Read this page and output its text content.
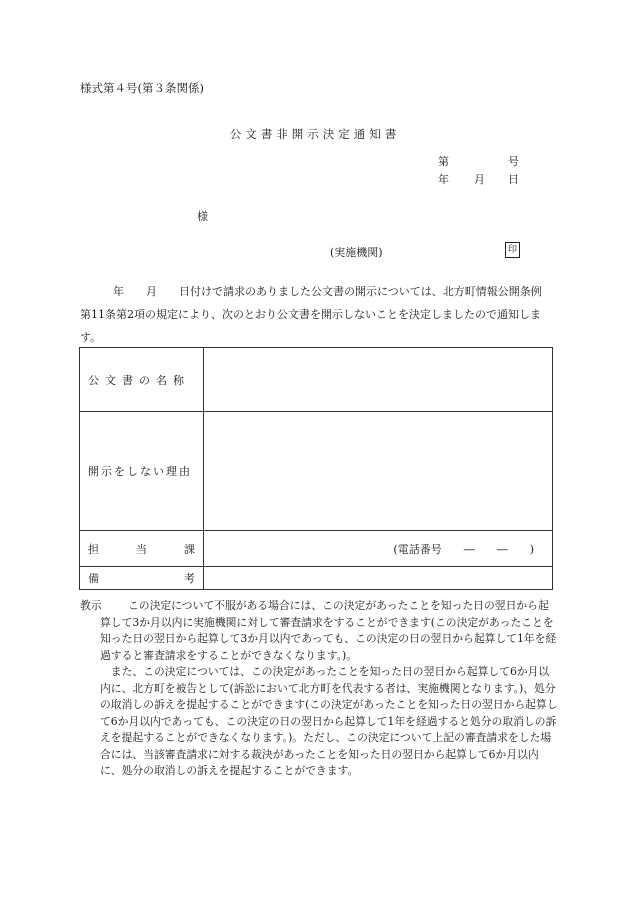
様式第４号(第３条関係)
公文書非開示決定通知書
第	号
年 月 日
様
(実施機関)	印
年　　月　　日付けで請求のありました公文書の開示については、北方町情報公開条例第11条第2項の規定により、次のとおり公文書を開示しないことを決定しましたので通知します。
公文書の名称	
開示をしない理由	

担 当 課	(電話番号　　―　　―　　)

備 考	

教示	この決定について不服がある場合には、この決定があったことを知った日の翌日から起算して3か月以内に実施機関に対して審査請求をすることができます(この決定があったことを知った日の翌日から起算して3か月以内であっても、この決定の日の翌日から起算して1年を経過すると審査請求をすることができなくなります。)。

また、この決定については、この決定があったことを知った日の翌日から起算して6か月以内に、北方町を被告として(訴訟において北方町を代表する者は、実施機関となります。)、処分の取消しの訴えを提起することができます(この決定があったことを知った日の翌日から起算して6か月以内であっても、この決定の日の翌日から起算して1年を経過すると処分の取消しの訴えを提起することができなくなります。)。ただし、この決定について上記の審査請求をした場合には、当該審査請求に対する裁決があったことを知った日の翌日から起算して6か月以内に、処分の取消しの訴えを提起することができます。
